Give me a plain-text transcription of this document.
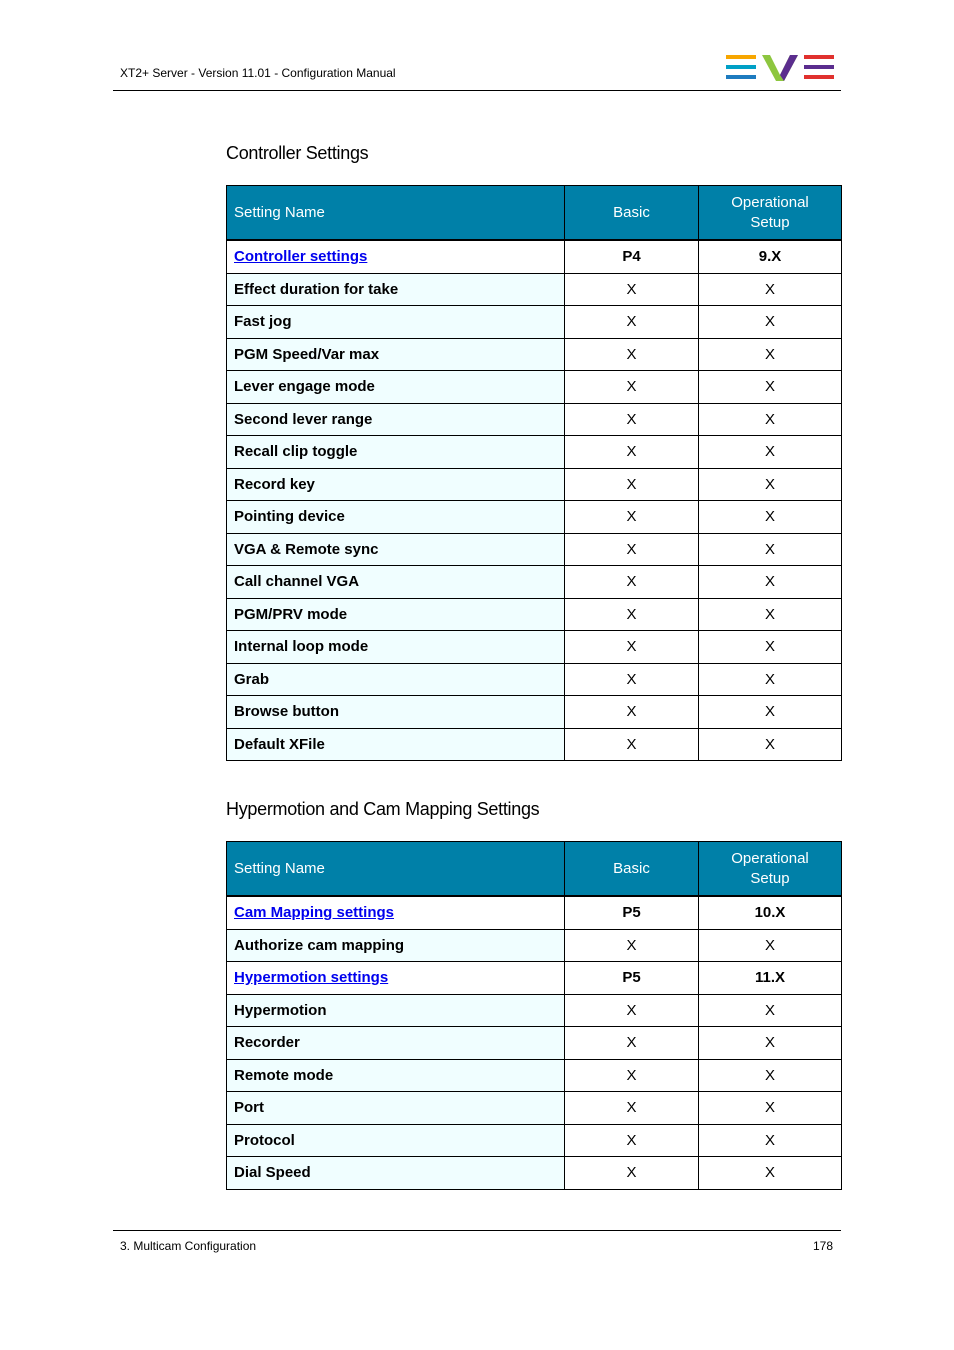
XT2+ Server - Version 11.01 - Configuration Manual
Controller Settings
Setting Name	Basic	Operational Setup
Controller settings	P4	9.X
Effect duration for take	X	X
Fast jog	X	X
PGM Speed/Var max	X	X
Lever engage mode	X	X
Second lever range	X	X
Recall clip toggle	X	X
Record key	X	X
Pointing device	X	X
VGA & Remote sync	X	X
Call channel VGA	X	X
PGM/PRV mode	X	X
Internal loop mode	X	X
Grab	X	X
Browse button	X	X
Default XFile	X	X
Hypermotion and Cam Mapping Settings
Setting Name	Basic	Operational Setup
Cam Mapping settings	P5	10.X
Authorize cam mapping	X	X
Hypermotion settings	P5	11.X
Hypermotion	X	X
Recorder	X	X
Remote mode	X	X
Port	X	X
Protocol	X	X
Dial Speed	X	X
3. Multicam Configuration	178
